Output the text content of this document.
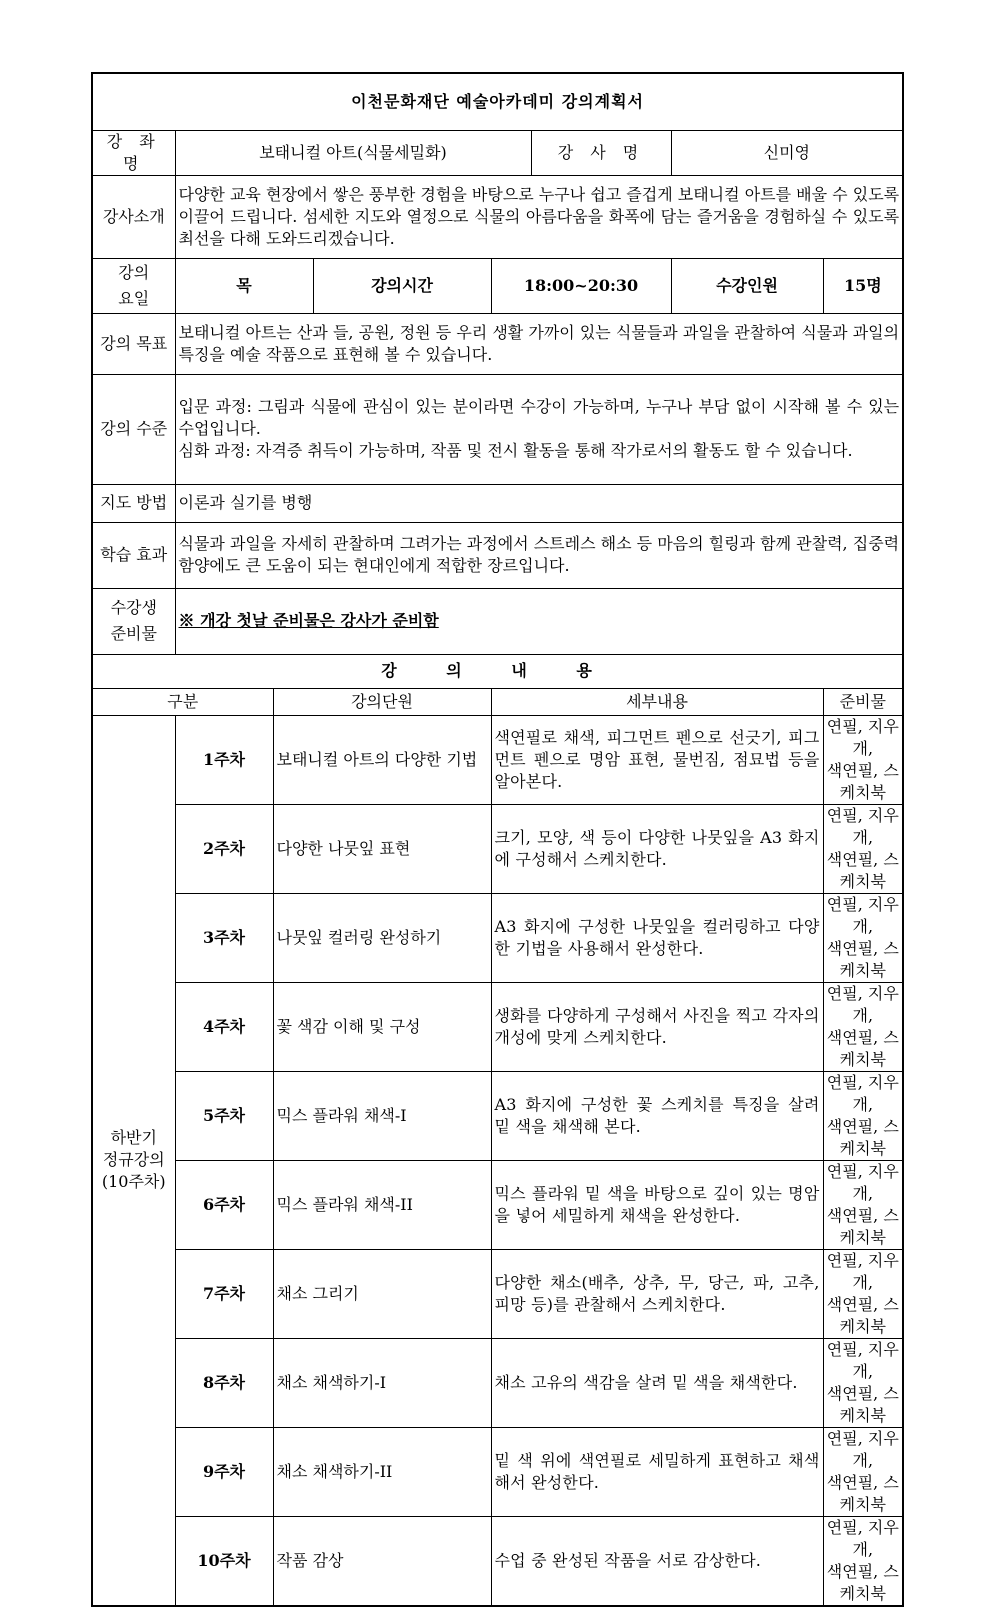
이천문화재단 예술아카데미 강의계획서							
강 좌 명	보태니컬 아트(식물세밀화)				강 사 명	신미영	
강사소개	다양한 교육 현장에서 쌓은 풍부한 경험을 바탕으로 누구나 쉽고 즐겁게 보태니컬 아트를 배울 수 있도록 이끌어 드립니다. 섬세한 지도와 열정으로 식물의 아름다움을 화폭에 담는 즐거움을 경험하실 수 있도록 최선을 다해 도와드리겠습니다.						
강의
요일	목		강의시간	18:00~20:30		수강인원	15명
강의 목표	보태니컬 아트는 산과 들, 공원, 정원 등 우리 생활 가까이 있는 식물들과 과일을 관찰하여 식물과 과일의 특징을 예술 작품으로 표현해 볼 수 있습니다.						
강의 수준	입문 과정: 그림과 식물에 관심이 있는 분이라면 수강이 가능하며, 누구나 부담 없이 시작해 볼 수 있는 수업입니다.
심화 과정: 자격증 취득이 가능하며, 작품 및 전시 활동을 통해 작가로서의 활동도 할 수 있습니다.						

지도 방법	이론과 실기를 병행						
학습 효과	식물과 과일을 자세히 관찰하며 그려가는 과정에서 스트레스 해소 등 마음의 힐링과 함께 관찰력, 집중력 함양에도 큰 도움이 되는 현대인에게 적합한 장르입니다.						
수강생
준비물	※ 개강 첫날 준비물은 강사가 준비함						
강 의 내 용							
구분		강의단원		세부내용			준비물
하반기
정규강의
(10주차)	1주차	보태니컬 아트의 다양한 기법		색연필로 채색, 피그먼트 펜으로 선긋기, 피그먼트 펜으로 명암 표현, 물번짐, 점묘법 등을 알아본다.			연필, 지우개,
색연필, 스케치북
	2주차	다양한 나뭇잎 표현		크기, 모양, 색 등이 다양한 나뭇잎을 A3 화지에 구성해서 스케치한다.			연필, 지우개,
색연필, 스케치북
	3주차	나뭇잎 컬러링 완성하기		A3 화지에 구성한 나뭇잎을 컬러링하고 다양한 기법을 사용해서 완성한다.			연필, 지우개,
색연필, 스케치북
	4주차	꽃 색감 이해 및 구성		생화를 다양하게 구성해서 사진을 찍고 각자의 개성에 맞게 스케치한다.			연필, 지우개,
색연필, 스케치북
	5주차	믹스 플라워 채색-I		A3 화지에 구성한 꽃 스케치를 특징을 살려 밑 색을 채색해 본다.			연필, 지우개,
색연필, 스케치북
	6주차	믹스 플라워 채색-II		믹스 플라워 밑 색을 바탕으로 깊이 있는 명암을 넣어 세밀하게 채색을 완성한다.			연필, 지우개,
색연필, 스케치북
	7주차	채소 그리기		다양한 채소(배추, 상추, 무, 당근, 파, 고추, 피망 등)를 관찰해서 스케치한다.			연필, 지우개,
색연필, 스케치북
	8주차	채소 채색하기-I		채소 고유의 색감을 살려 밑 색을 채색한다.			연필, 지우개,
색연필, 스케치북
	9주차	채소 채색하기-II		밑 색 위에 색연필로 세밀하게 표현하고 채색해서 완성한다.			연필, 지우개,
색연필, 스케치북
	10주차	작품 감상		수업 중 완성된 작품을 서로 감상한다.			연필, 지우개,
색연필, 스케치북
